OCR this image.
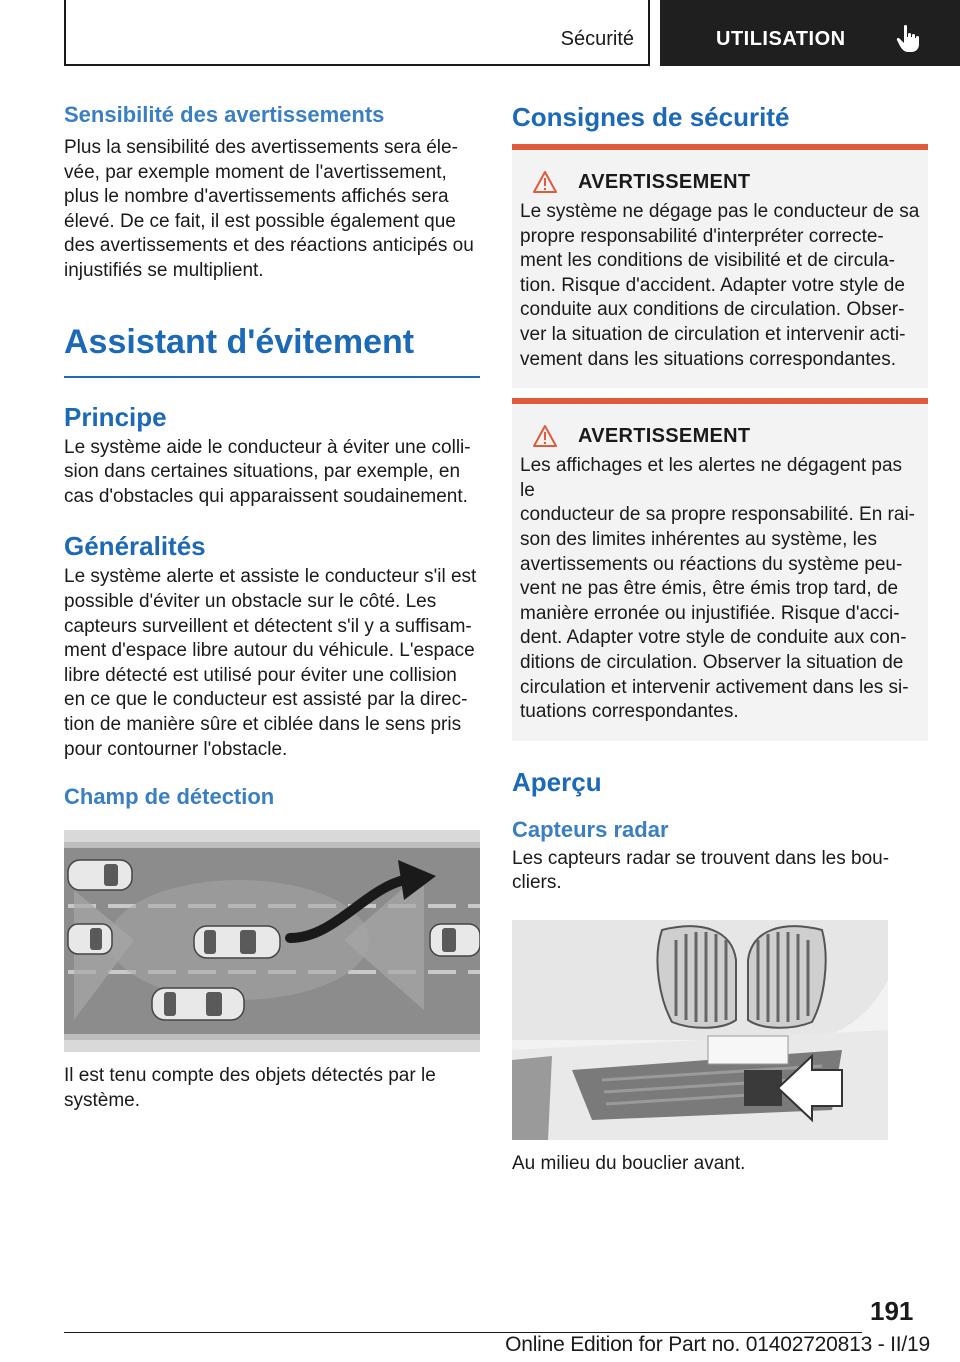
Sécurité	UTILISATION
Sensibilité des avertissements
Plus la sensibilité des avertissements sera éle-
vée, par exemple moment de l'avertissement,
plus le nombre d'avertissements affichés sera
élevé. De ce fait, il est possible également que
des avertissements et des réactions anticipés ou
injustifiés se multiplient.
Assistant d'évitement
Principe
Le système aide le conducteur à éviter une colli-
sion dans certaines situations, par exemple, en
cas d'obstacles qui apparaissent soudainement.
Généralités
Le système alerte et assiste le conducteur s'il est
possible d'éviter un obstacle sur le côté. Les
capteurs surveillent et détectent s'il y a suffisam-
ment d'espace libre autour du véhicule. L'espace
libre détecté est utilisé pour éviter une collision
en ce que le conducteur est assisté par la direc-
tion de manière sûre et ciblée dans le sens pris
pour contourner l'obstacle.
Champ de détection
Il est tenu compte des objets détectés par le
système.
Consignes de sécurité
AVERTISSEMENT
Le système ne dégage pas le conducteur de sa
propre responsabilité d'interpréter correcte-
ment les conditions de visibilité et de circula-
tion. Risque d'accident. Adapter votre style de
conduite aux conditions de circulation. Obser-
ver la situation de circulation et intervenir acti-
vement dans les situations correspondantes.
AVERTISSEMENT
Les affichages et les alertes ne dégagent pas le
conducteur de sa propre responsabilité. En rai-
son des limites inhérentes au système, les
avertissements ou réactions du système peu-
vent ne pas être émis, être émis trop tard, de
manière erronée ou injustifiée. Risque d'acci-
dent. Adapter votre style de conduite aux con-
ditions de circulation. Observer la situation de
circulation et intervenir activement dans les si-
tuations correspondantes.
Aperçu
Capteurs radar
Les capteurs radar se trouvent dans les bou-
cliers.
Au milieu du bouclier avant.
191
Online Edition for Part no. 01402720813 - II/19
